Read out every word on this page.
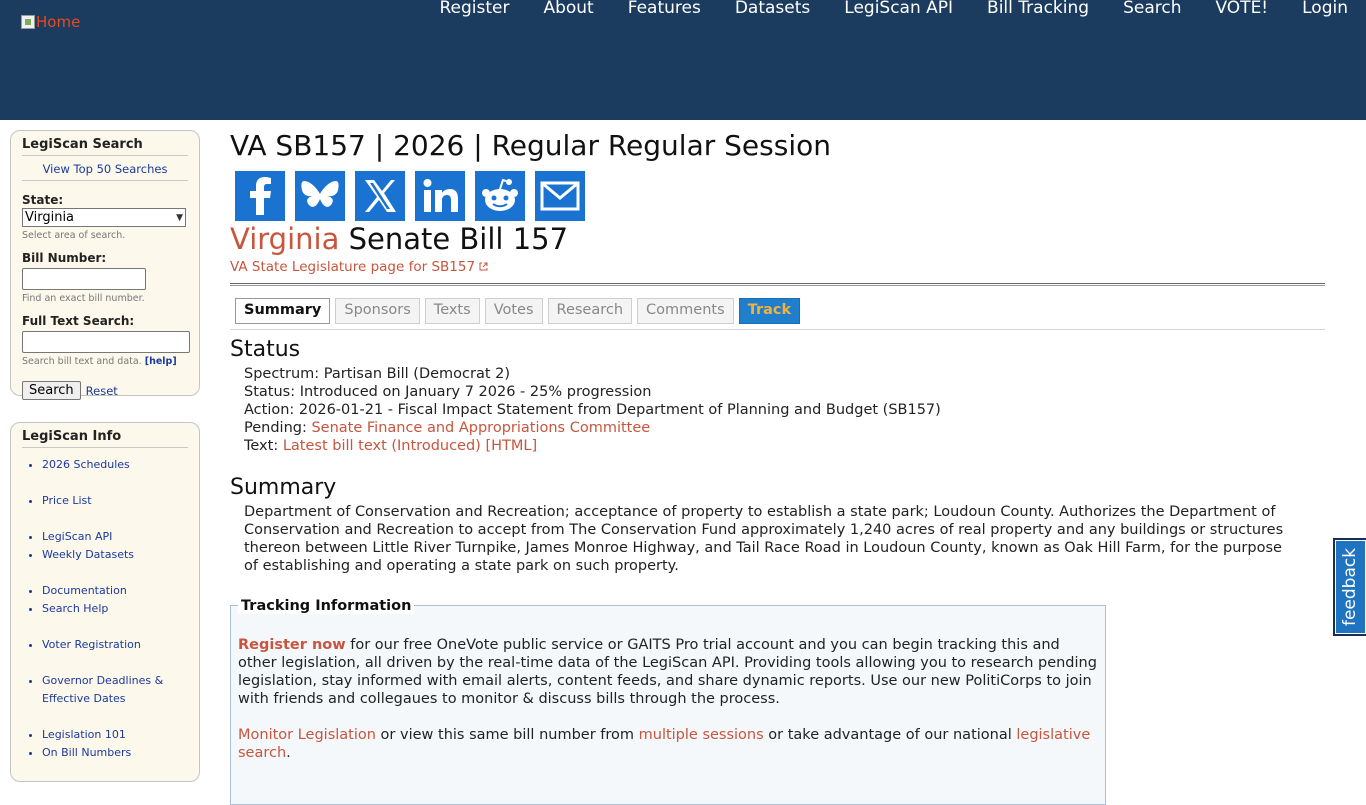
Home
Register About Features Datasets LegiScan API Bill Tracking Search VOTE! Login
LegiScan Search
View Top 50 Searches
State:
Virginia	▼
Select area of search.
Bill Number:
Find an exact bill number.
Full Text Search:
Search bill text and data. [help]
Search	Reset
LegiScan Info
• 2026 Schedules
• Price List
• LegiScan API
• Weekly Datasets
• Documentation
• Search Help
• Voter Registration
• Governor Deadlines &
Effective Dates
• Legislation 101
• On Bill Numbers
VA SB157 | 2026 | Regular Regular Session
Virginia Senate Bill 157
VA State Legislature page for SB157
Summary	Sponsors	Texts	Votes	Research	Comments	Track
Status
Spectrum: Partisan Bill (Democrat 2)
Status: Introduced on January 7 2026 - 25% progression
Action: 2026-01-21 - Fiscal Impact Statement from Department of Planning and Budget (SB157)
Pending: Senate Finance and Appropriations Committee
Text: Latest bill text (Introduced) [HTML]
Summary
Department of Conservation and Recreation; acceptance of property to establish a state park; Loudoun County. Authorizes the Department of Conservation and Recreation to accept from The Conservation Fund approximately 1,240 acres of real property and any buildings or structures thereon between Little River Turnpike, James Monroe Highway, and Tail Race Road in Loudoun County, known as Oak Hill Farm, for the purpose of establishing and operating a state park on such property.
Tracking Information

Register now for our free OneVote public service or GAITS Pro trial account and you can begin tracking this and other legislation, all driven by the real-time data of the LegiScan API. Providing tools allowing you to research pending legislation, stay informed with email alerts, content feeds, and share dynamic reports. Use our new PolitiCorps to join with friends and collegaues to monitor & discuss bills through the process.

Monitor Legislation or view this same bill number from multiple sessions or take advantage of our national legislative search.

feedback
